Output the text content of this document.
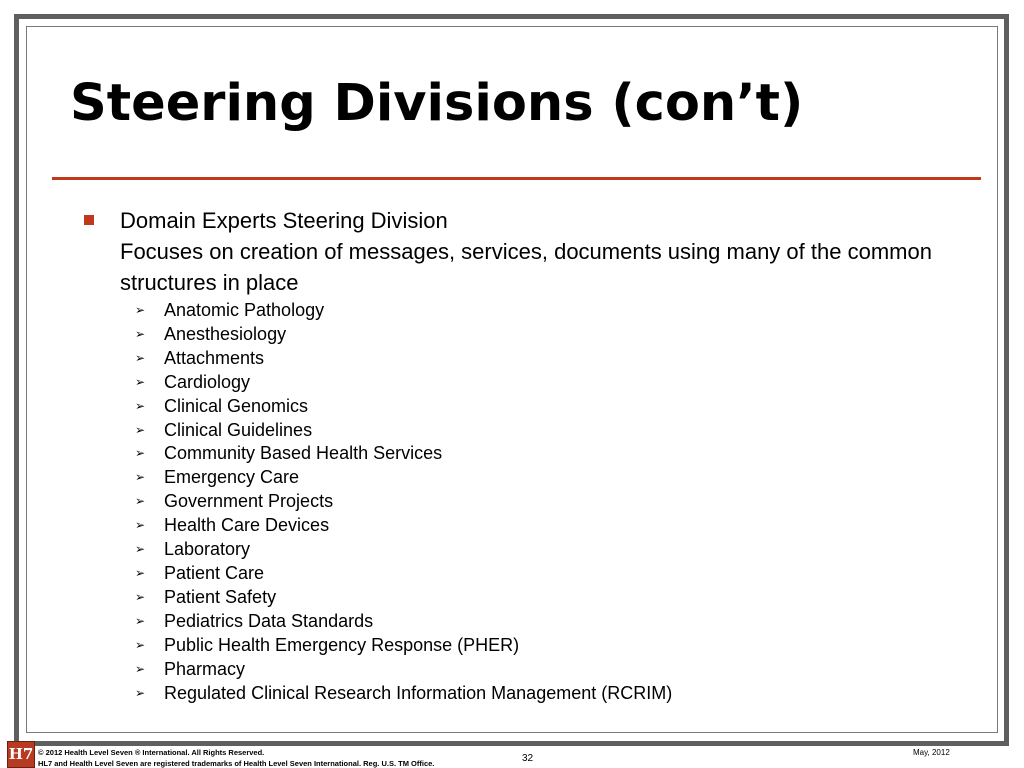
Steering Divisions (con’t)
Domain Experts Steering Division
Focuses on creation of messages, services, documents using many of the common structures in place
➢ Anatomic Pathology
➢ Anesthesiology
➢ Attachments
➢ Cardiology
➢ Clinical Genomics
➢ Clinical Guidelines
➢ Community Based Health Services
➢ Emergency Care
➢ Government Projects
➢ Health Care Devices
➢ Laboratory
➢ Patient Care
➢ Patient Safety
➢ Pediatrics Data Standards
➢ Public Health Emergency Response (PHER)
➢ Pharmacy
➢ Regulated Clinical Research Information Management (RCRIM)
H7 © 2012 Health Level Seven ® International. All Rights Reserved.
HL7 and Health Level Seven are registered trademarks of Health Level Seven International. Reg. U.S. TM Office.	32
May, 2012
